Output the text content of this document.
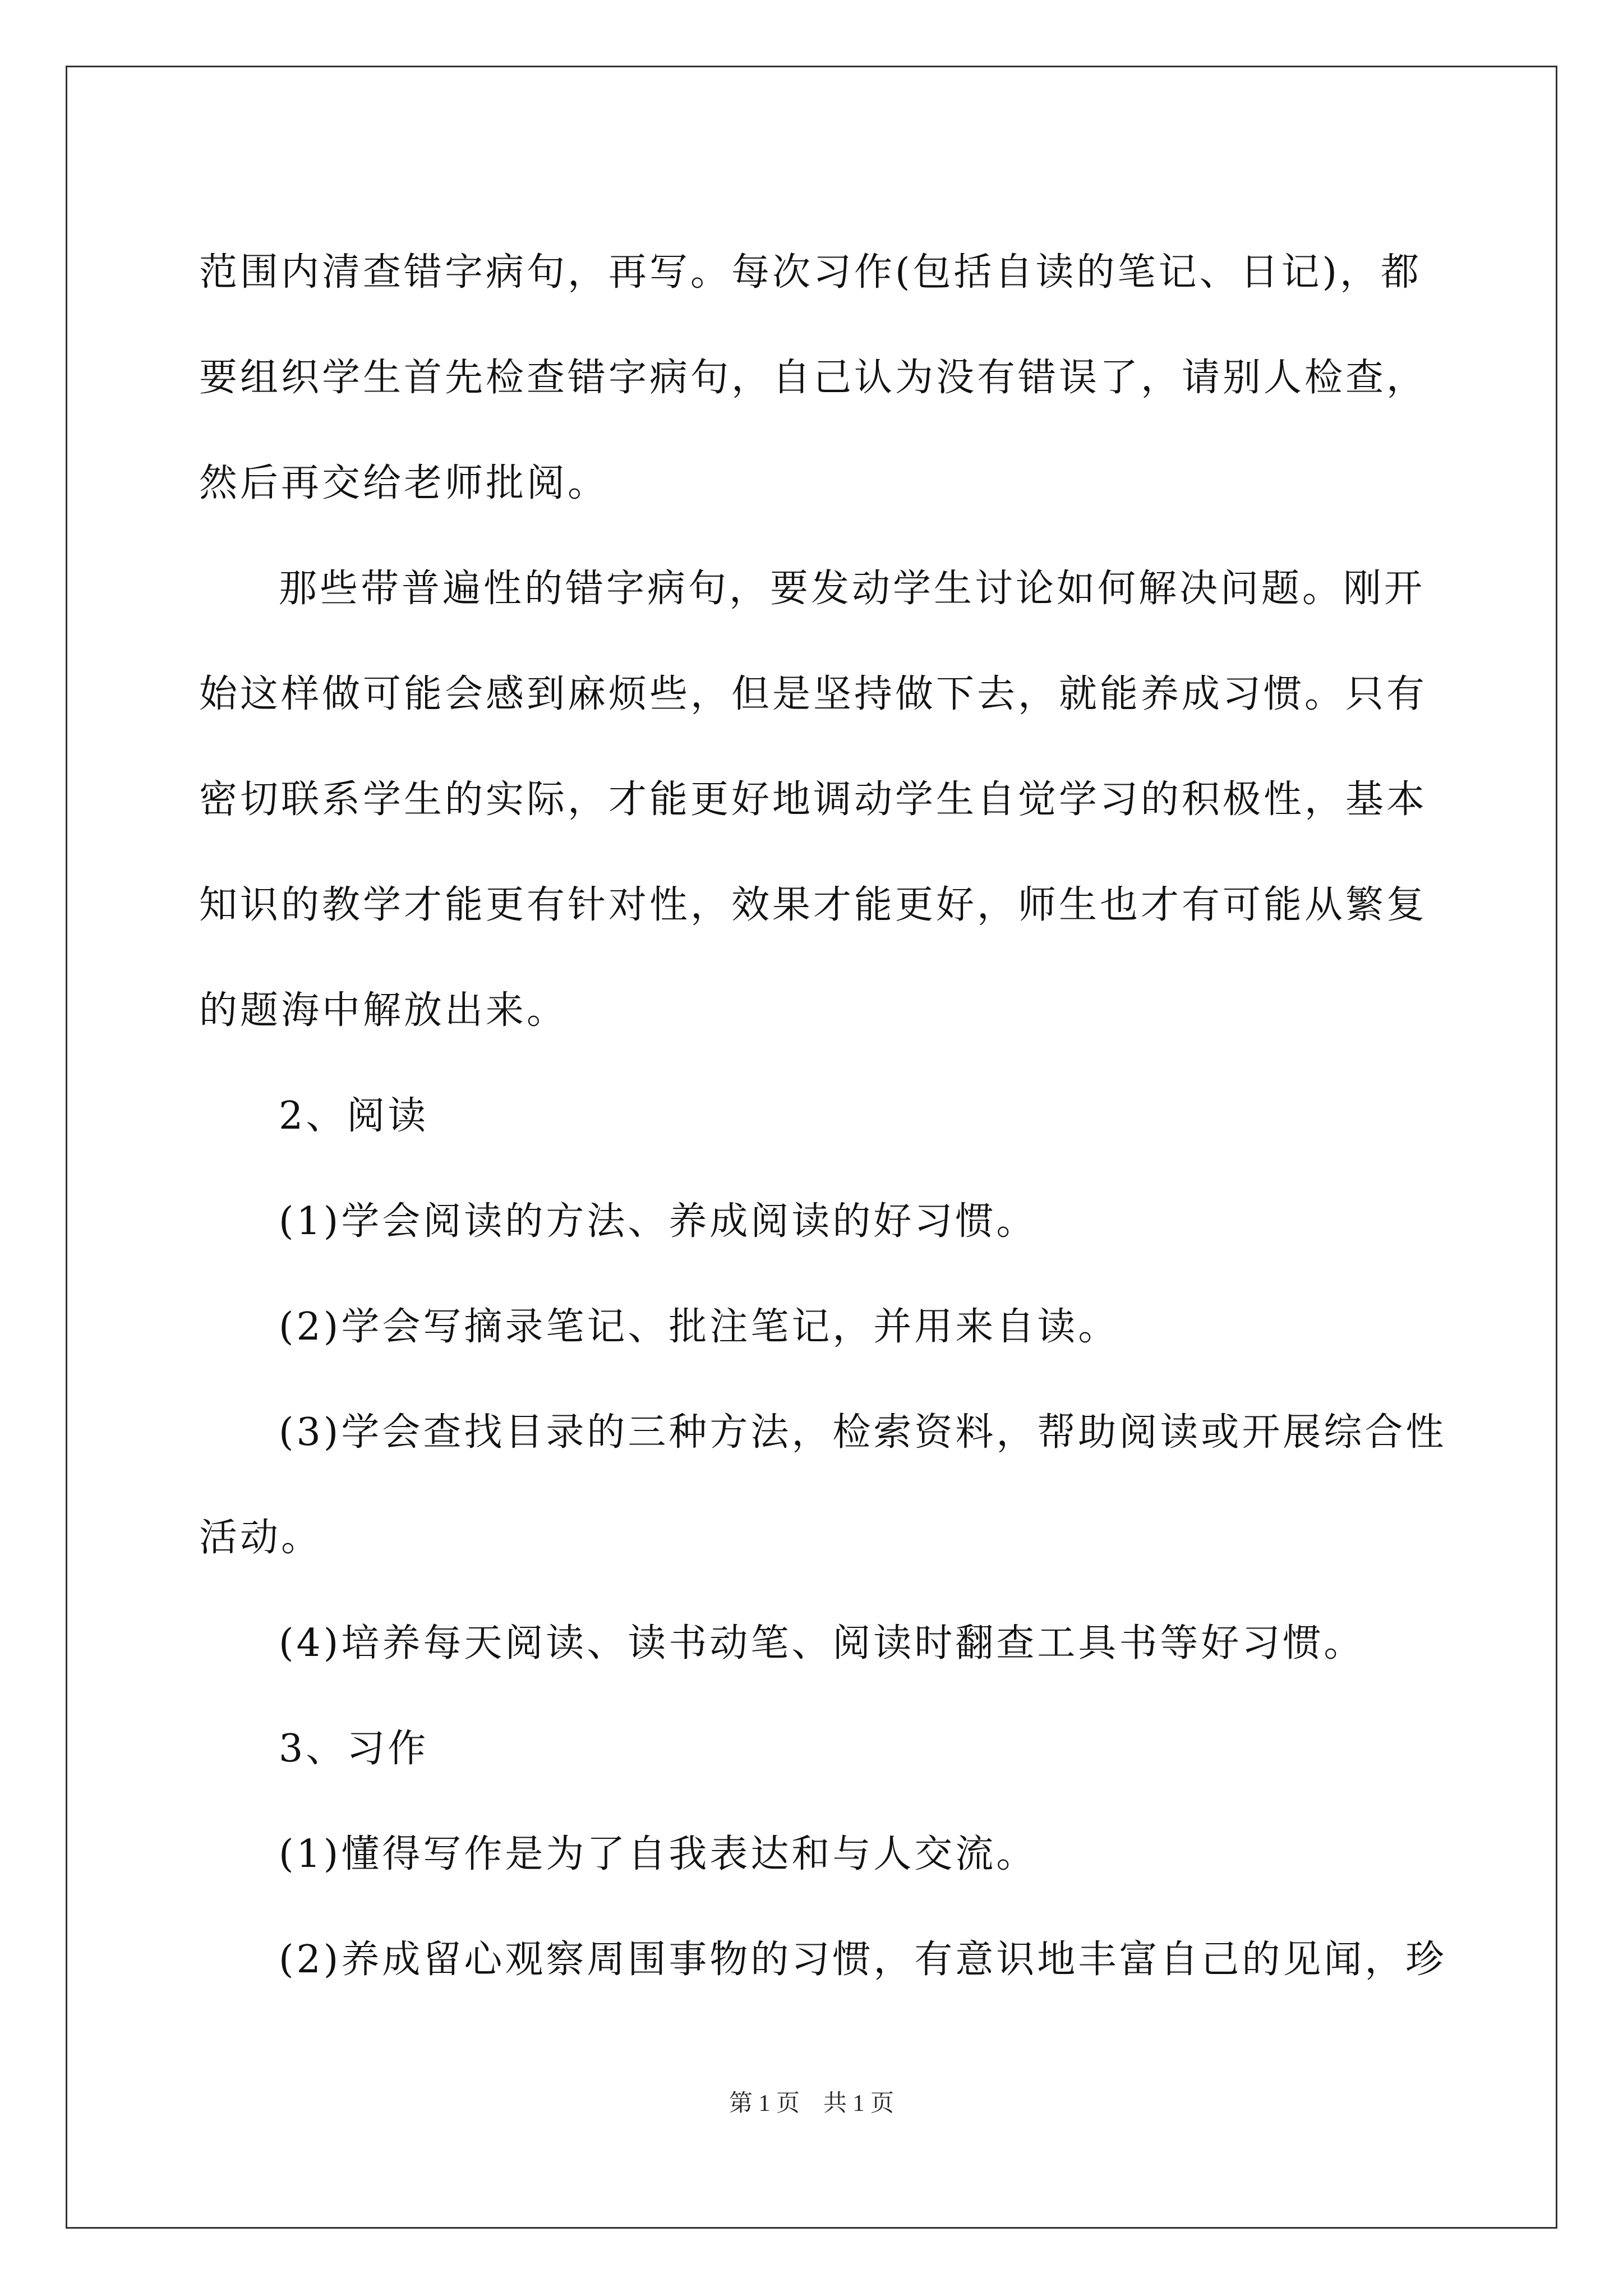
范围内清查错字病句，再写。每次习作(包括自读的笔记、日记)，都
要组织学生首先检查错字病句，自己认为没有错误了，请别人检查，
然后再交给老师批阅。
那些带普遍性的错字病句，要发动学生讨论如何解决问题。刚开
始这样做可能会感到麻烦些，但是坚持做下去，就能养成习惯。只有
密切联系学生的实际，才能更好地调动学生自觉学习的积极性，基本
知识的教学才能更有针对性，效果才能更好，师生也才有可能从繁复
的题海中解放出来。
2、阅读
(1)学会阅读的方法、养成阅读的好习惯。
(2)学会写摘录笔记、批注笔记，并用来自读。
(3)学会查找目录的三种方法，检索资料，帮助阅读或开展综合性
活动。
(4)培养每天阅读、读书动笔、阅读时翻查工具书等好习惯。
3、习作
(1)懂得写作是为了自我表达和与人交流。
(2)养成留心观察周围事物的习惯，有意识地丰富自己的见闻，珍
第 1 页　共 1 页
